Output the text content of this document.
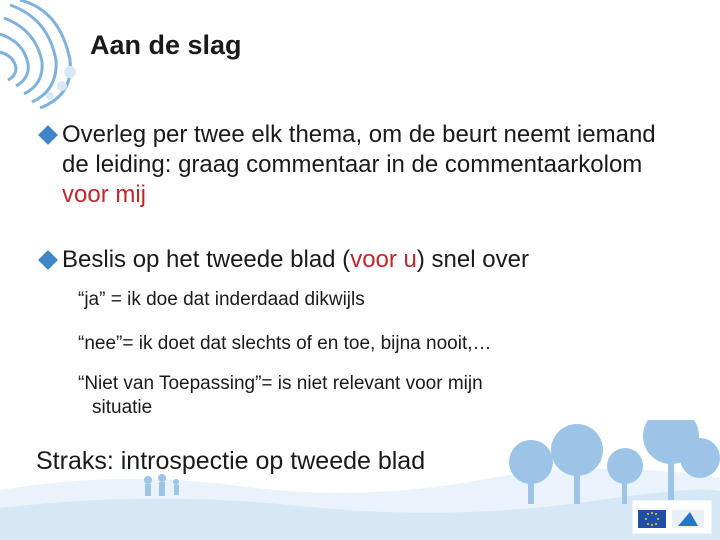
Aan de slag
Overleg per twee elk thema, om de beurt neemt iemand de leiding: graag commentaar in de commentaarkolom voor mij
Beslis op het tweede blad (voor u) snel over
“ja” = ik doe dat inderdaad dikwijls
“nee”= ik doet dat slechts of en toe, bijna nooit,…
“Niet van Toepassing”= is niet relevant voor mijn
situatie
Straks: introspectie op tweede blad
